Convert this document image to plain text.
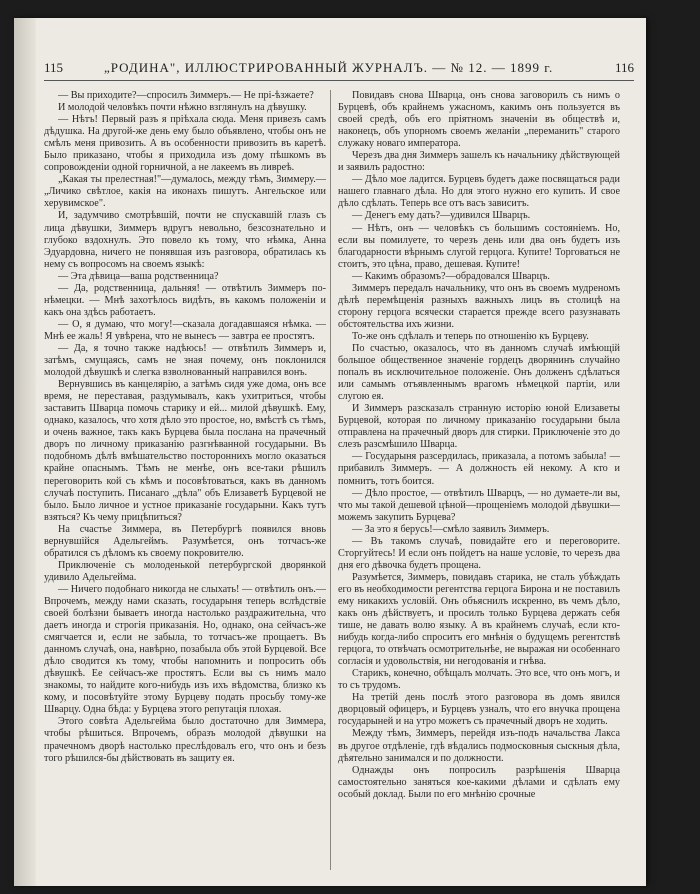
115	„РОДИНА", ИЛЛЮСТРИРОВАННЫЙ ЖУРНАЛЪ. — № 12. — 1899 г.	116

— Вы приходите?—спросилъ Зиммеръ.— Не прі-ѣзжаете?

И молодой человѣкъ почти нѣжно взглянулъ на дѣвушку.

— Нѣтъ! Первый разъ я пріѣхала сюда. Меня привезъ самъ дѣдушка. На другой-же день ему было объявлено, чтобы онъ не смѣлъ меня привозить. А въ особенности привозить въ каретѣ. Было приказано, чтобы я приходила изъ дому пѣшкомъ въ сопровожденіи одной горничной, а не лакеемъ въ ливреѣ.

„Какая ты прелестная!"—думалось, между тѣмъ, Зиммеру.— „Личико свѣтлое, какія на иконахъ пишутъ. Ангельское или херувимское".

И, задумчиво смотрѣвшій, почти не спускавшій глазъ съ лица дѣвушки, Зиммеръ вдругъ невольно, безсознательно и глубоко вздохнулъ. Это повело къ тому, что нѣмка, Анна Эдуардовна, ничего не понявшая изъ разговора, обратилась къ нему съ вопросомъ на своемъ языкѣ:

— Эта дѣвица—ваша родственница?

— Да, родственница, дальняя! — отвѣтилъ Зиммеръ по-нѣмецки. — Мнѣ захотѣлось видѣть, въ какомъ положеніи и какъ она здѣсь работаетъ.

— О, я думаю, что могу!—сказала догадавшаяся нѣмка. — Мнѣ ее жаль! Я увѣрена, что не вынесъ — завтра ее простятъ.

— Да, я точно также надѣюсь! — отвѣтилъ Зиммеръ и, затѣмъ, смущаясь, самъ не зная почему, онъ поклонился молодой дѣвушкѣ и слегка взволнованный направился вонъ.

Вернувшись въ канцелярію, а затѣмъ сидя уже дома, онъ все время, не переставая, раздумывалъ, какъ ухитриться, чтобы заставить Шварца помочь старику и ей... милой дѣвушкѣ. Ему, однако, казалось, что хотя дѣло это простое, но, вмѣстѣ съ тѣмъ, и очень важное, такъ какъ Бурцева была послана на прачечный дворъ по личному приказанію разгнѣванной государыни. Въ подобномъ дѣлѣ вмѣшательство постороннихъ могло оказаться крайне опаснымъ. Тѣмъ не менѣе, онъ все-таки рѣшилъ переговорить кой съ кѣмъ и посовѣтоваться, какъ въ данномъ случаѣ поступить. Писанаго „дѣла" объ Елизаветѣ Бурцевой не было. Было личное и устное приказаніе государыни. Какъ тутъ взяться? Къ чему прицѣпиться?

На счастье Зиммера, въ Петербургѣ появился вновь вернувшійся Адельгеймъ. Разумѣется, онъ тотчасъ-же обратился съ дѣломъ къ своему покровителю.

Приключеніе съ молоденькой петербургской дворянкой удивило Адельгейма.

— Ничего подобнаго никогда не слыхать! — отвѣтилъ онъ.—Впрочемъ, между нами сказать, государыня теперь вслѣдствіе своей болѣзни бываетъ иногда настолько раздражительна, что даетъ иногда и строгія приказанія. Но, однако, она сейчасъ-же смягчается и, если не забыла, то тотчасъ-же прощаетъ. Въ данномъ случаѣ, она, навѣрно, позабыла объ этой Бурцевой. Все дѣло сводится къ тому, чтобы напомнить и попросить объ дѣвушкѣ. Ее сейчасъ-же простятъ. Если вы съ нимъ мало знакомы, то найдите кого-нибудь изъ ихъ вѣдомства, близко къ кому, и посовѣтуйте этому Бурцеву подать просьбу тому-же Шварцу. Одна бѣда: у Бурцева этого репутація плохая.

Этого совѣта Адельгейма было достаточно для Зиммера, чтобы рѣшиться. Впрочемъ, образъ молодой дѣвушки на прачечномъ дворѣ настолько преслѣдовалъ его, что онъ и безъ того рѣшился-бы дѣйствовать въ защиту ея.

Повидавъ снова Шварца, онъ снова заговорилъ съ нимъ о Бурцевѣ, объ крайнемъ ужасномъ, какимъ онъ пользуется въ своей средѣ, объ его пріятномъ значеніи въ обществѣ и, наконецъ, объ упорномъ своемъ желаніи „переманить" старого служаку новаго императора.

Черезъ два дня Зиммеръ зашелъ къ начальнику дѣйствующей и заявилъ радостно:

— Дѣло мое ладится. Бурцевъ будетъ даже посвящаться ради нашего главнаго дѣла. Но для этого нужно его купить. И свое дѣло сдѣлать. Теперь все отъ васъ зависитъ.

— Денегъ ему дать?—удивился Шварцъ.

— Нѣтъ, онъ — человѣкъ съ большимъ состояніемъ. Но, если вы помилуете, то черезъ день или два онъ будетъ изъ благодарности вѣрнымъ слугой герцога. Купите! Торговаться не стоитъ, это цѣна, право, дешевая. Купите!

— Какимъ образомъ?—обрадовался Шварцъ.

Зиммеръ передалъ начальнику, что онъ въ своемъ мудреномъ дѣлѣ перемѣщенія разныхъ важныхъ лицъ въ столицѣ на сторону герцога всячески старается прежде всего разузнавать обстоятельства ихъ жизни.

То-же онъ сдѣлалъ и теперь по отношенію къ Бурцеву.

По счастью, оказалось, что въ данномъ случаѣ имѣющій большое общественное значеніе гордецъ дворянинъ случайно попалъ въ исключительное положеніе. Онъ долженъ сдѣлаться или самымъ отъявленнымъ врагомъ нѣмецкой партіи, или слугою ея.

И Зиммеръ разсказалъ странную исторію юной Елизаветы Бурцевой, которая по личному приказанію государыни была отправлена на прачечный дворъ для стирки. Приключеніе это до слезъ разсмѣшило Шварца.

— Государыня разсердилась, приказала, а потомъ забыла! — прибавилъ Зиммеръ. — А должность ей некому. А кто и помнитъ, тотъ боится.

— Дѣло простое, — отвѣтилъ Шварцъ, — но думаете-ли вы, что мы такой дешевой цѣной—прощеніемъ молодой дѣвушки—можемъ закупить Бурцева?

— За это я берусь!—смѣло заявилъ Зиммеръ.

— Въ такомъ случаѣ, повидайте его и переговорите. Сторгуйтесь! И если онъ пойдетъ на наше условіе, то черезъ два дня его дѣвочка будетъ прощена.

Разумѣется, Зиммеръ, повидавъ старика, не сталъ убѣждать его въ необходимости регентства герцога Бирона и не поставилъ ему никакихъ условій. Онъ объяснилъ искренно, въ чемъ дѣло, какъ онъ дѣйствуетъ, и просилъ только Бурцева держать себя тише, не давать волю языку. А въ крайнемъ случаѣ, если кто-нибудь когда-либо спроситъ его мнѣнія о будущемъ регентствѣ герцога, то отвѣчать осмотрительнѣе, не выражая ни особеннаго согласія и удовольствія, ни негодованія и гнѣва.

Старикъ, конечно, обѣщалъ молчать. Это все, что онъ могъ, и то съ трудомъ.

На третій день послѣ этого разговора въ домъ явился дворцовый офицеръ, и Бурцевъ узналъ, что его внучка прощена государыней и на утро можетъ съ прачечный дворъ не ходить.

Между тѣмъ, Зиммеръ, перейдя изъ-подъ начальства Лакса въ другое отдѣленіе, гдѣ вѣдались подмосковныя сыскныя дѣла, дѣятельно занимался и по должности.

Однажды онъ попросилъ разрѣшенія Шварца самостоятельно заняться кое-какими дѣлами и сдѣлать ему особый доклад. Были по его мнѣнію срочные
